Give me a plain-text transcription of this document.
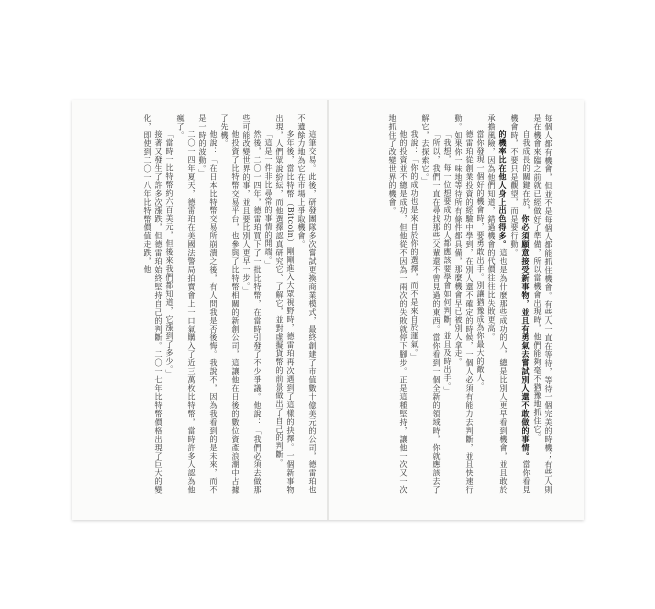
這筆交易。此後，研發團隊多次嘗試更換商業模式，最終創建了市值數十億美元的公司，德雷珀也不遺餘力地為它在市場上爭取機會。

多年後，當比特幣（Bitcoin）剛剛進入大眾視野時，德雷珀再次遇到了這樣的抉擇。一個新事物出現，人們眾說紛紜，而他選擇認真研究它、了解它，並對虛擬貨幣的前景做出了自己的判斷。

「這是一件非比尋常的事情的開端。」

然後，二〇一四年，德雷珀買下了一批比特幣，在當時引發了不少爭議。他說：「我們必須去做那些可能改變世界的事，並且要比別人更早一步。」

他投資了比特幣交易平台，也參與了比特幣相關的新創公司，這讓他在日後的數位資產浪潮中占據了先機。

他說：「在日本比特幣交易所崩潰之後，有人問我是否後悔。我說不，因為我看到的是未來，而不是一時的波動。」

二〇一四年夏天，德雷珀在美國法警局拍賣會上一口氣購入了近三萬枚比特幣，當時許多人認為他瘋了。

「當時一比特幣約六百美元，但後來我們都知道，它漲到了多少。」

接著又發生了許多次漲跌，但德雷珀始終堅持自己的判斷。二〇一七年比特幣價格出現了巨大的變化，即使到二〇一八年比特幣價值走跌，他	每個人都有機會，但並不是每個人都能抓住機會。有些人一直在等待，等待一個完美的時機；有些人則是在機會來臨之前就已經做好了準備，所以當機會出現時，他們能夠毫不猶豫地抓住它。

自我成長的關鍵在於，你必須願意接受新事物，並且有勇氣去嘗試別人還不敢做的事情。當你看見機會時，不要只是觀望，而是要行動。

的機率比在他人身上出色得多。這也是為什麼那些成功的人，總是比別人更早看到機會，並且敢於承擔風險，因為他們知道，錯過機會的代價往往比失敗更高。

當你發現一個好的機會時，要勇敢出手。別讓猶豫成為你最大的敵人。

德雷珀從創業投資的經驗中學到，在別人還不確定的時候，一個人必須有能力去判斷，並且快速行動。如果你一味地等待所有條件都具備，那麼機會早已被別人拿走。

「我想，每一位想要成功的人都應該要學會如何判斷，並且及時出手。」

「所以，我們一直在尋找那些父輩還不曾見過的東西。當你看到一個全新的領域時，你就應該去了解它，去探索它。」

我說：「你的成功也是來自於你的選擇，而不是來自於運氣。」

他的投資並不總是成功，但他從不因為一兩次的失敗就停下腳步。正是這種堅持，讓他一次又一次地抓住了改變世界的機會。
